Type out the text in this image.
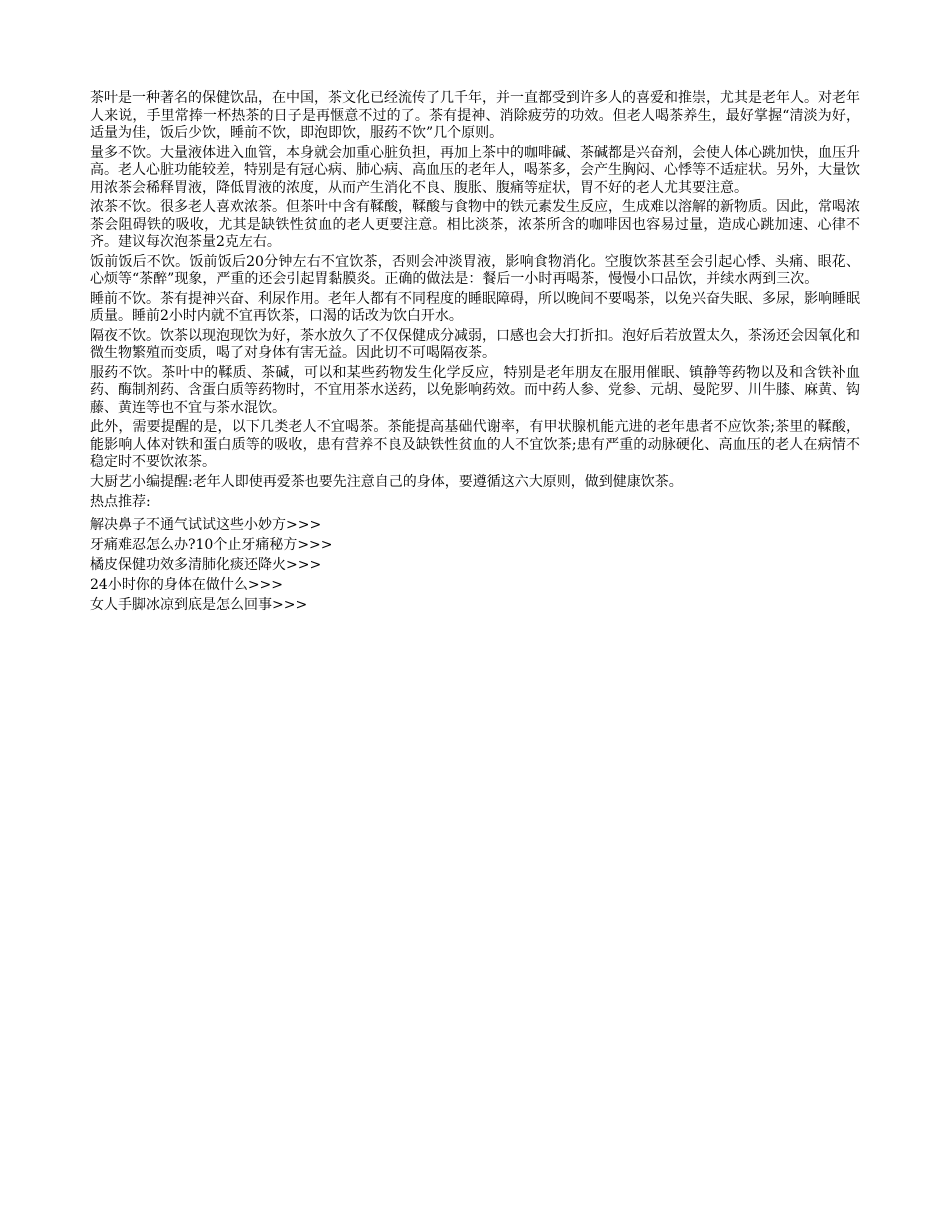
茶叶是一种著名的保健饮品，在中国，茶文化已经流传了几千年，并一直都受到许多人的喜爱和推崇，尤其是老年人。对老年人来说，手里常捧一杯热茶的日子是再惬意不过的了。茶有提神、消除疲劳的功效。但老人喝茶养生，最好掌握“清淡为好，适量为佳，饭后少饮，睡前不饮，即泡即饮，服药不饮”几个原则。

量多不饮。大量液体进入血管，本身就会加重心脏负担，再加上茶中的咖啡碱、茶碱都是兴奋剂，会使人体心跳加快，血压升高。老人心脏功能较差，特别是有冠心病、肺心病、高血压的老年人，喝茶多，会产生胸闷、心悸等不适症状。另外，大量饮用浓茶会稀释胃液，降低胃液的浓度，从而产生消化不良、腹胀、腹痛等症状，胃不好的老人尤其要注意。

浓茶不饮。很多老人喜欢浓茶。但茶叶中含有鞣酸，鞣酸与食物中的铁元素发生反应，生成难以溶解的新物质。因此，常喝浓茶会阻碍铁的吸收，尤其是缺铁性贫血的老人更要注意。相比淡茶，浓茶所含的咖啡因也容易过量，造成心跳加速、心律不齐。建议每次泡茶量2克左右。

饭前饭后不饮。饭前饭后20分钟左右不宜饮茶，否则会冲淡胃液，影响食物消化。空腹饮茶甚至会引起心悸、头痛、眼花、心烦等“茶醉”现象，严重的还会引起胃黏膜炎。正确的做法是：餐后一小时再喝茶，慢慢小口品饮，并续水两到三次。

睡前不饮。茶有提神兴奋、利尿作用。老年人都有不同程度的睡眠障碍，所以晚间不要喝茶，以免兴奋失眠、多尿，影响睡眠质量。睡前2小时内就不宜再饮茶，口渴的话改为饮白开水。

隔夜不饮。饮茶以现泡现饮为好，茶水放久了不仅保健成分减弱，口感也会大打折扣。泡好后若放置太久，茶汤还会因氧化和微生物繁殖而变质，喝了对身体有害无益。因此切不可喝隔夜茶。

服药不饮。茶叶中的鞣质、茶碱，可以和某些药物发生化学反应，特别是老年朋友在服用催眠、镇静等药物以及和含铁补血药、酶制剂药、含蛋白质等药物时，不宜用茶水送药，以免影响药效。而中药人参、党参、元胡、曼陀罗、川牛膝、麻黄、钩藤、黄连等也不宜与茶水混饮。

此外，需要提醒的是，以下几类老人不宜喝茶。茶能提高基础代谢率，有甲状腺机能亢进的老年患者不应饮茶;茶里的鞣酸，能影响人体对铁和蛋白质等的吸收，患有营养不良及缺铁性贫血的人不宜饮茶;患有严重的动脉硬化、高血压的老人在病情不稳定时不要饮浓茶。

大厨艺小编提醒:老年人即使再爱茶也要先注意自己的身体，要遵循这六大原则，做到健康饮茶。

热点推荐:
解决鼻子不通气试试这些小妙方>>>
牙痛难忍怎么办?10个止牙痛秘方>>>
橘皮保健功效多清肺化痰还降火>>>
24小时你的身体在做什么>>>
女人手脚冰凉到底是怎么回事>>>
